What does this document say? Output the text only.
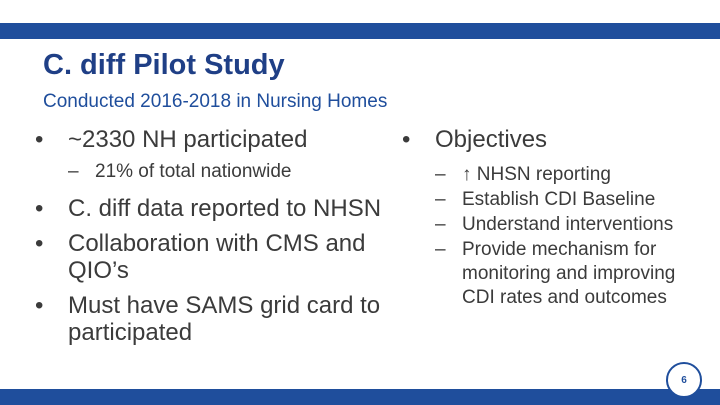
C. diff Pilot Study
Conducted 2016-2018 in Nursing Homes
• ~2330 NH participated
– 21% of total nationwide
• C. diff data reported to NHSN
• Collaboration with CMS and QIO’s
• Must have SAMS grid card to participated
• Objectives
– ↑ NHSN reporting
– Establish CDI Baseline
– Understand interventions
– Provide mechanism for monitoring and improving CDI rates and outcomes
6
